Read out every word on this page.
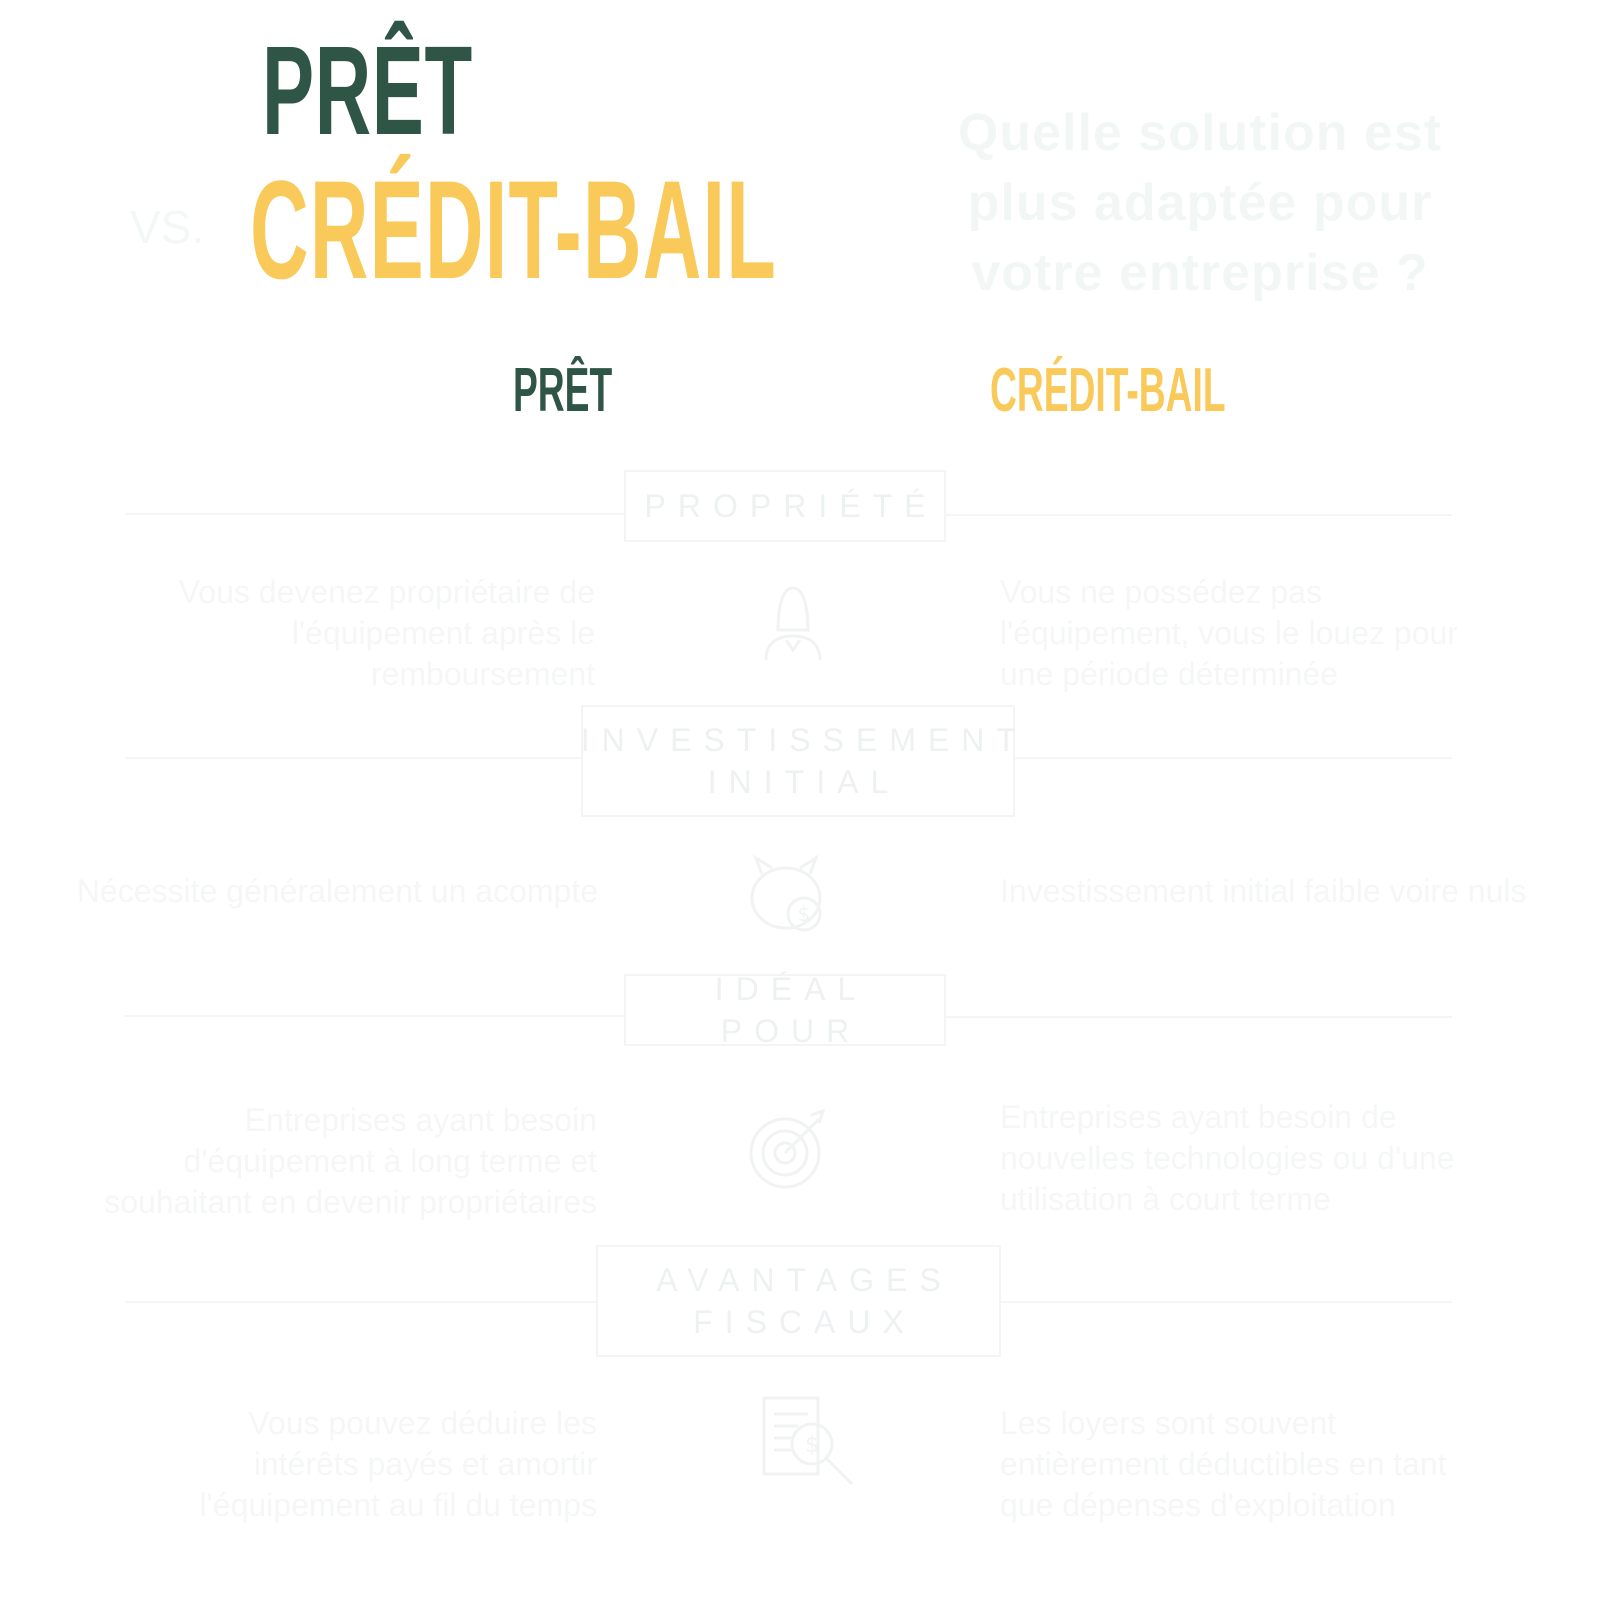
PRÊT
VS. CRÉDIT-BAIL
Quelle solution est plus adaptée pour votre entreprise ?
PRÊT	CRÉDIT-BAIL
PROPRIÉTÉ
Vous devenez propriétaire de l'équipement après le remboursement
Vous ne possédez pas l'équipement, vous le louez pour une période déterminée
INVESTISSEMENT INITIAL
Nécessite généralement un acompte
$
Investissement initial faible voire nuls
IDÉAL POUR
Entreprises ayant besoin d'équipement à long terme et souhaitant en devenir propriétaires
Entreprises ayant besoin de nouvelles technologies ou d'une utilisation à court terme
AVANTAGES FISCAUX
Vous pouvez déduire les intérêts payés et amortir l'équipement au fil du temps
$
Les loyers sont souvent entièrement déductibles en tant que dépenses d'exploitation
